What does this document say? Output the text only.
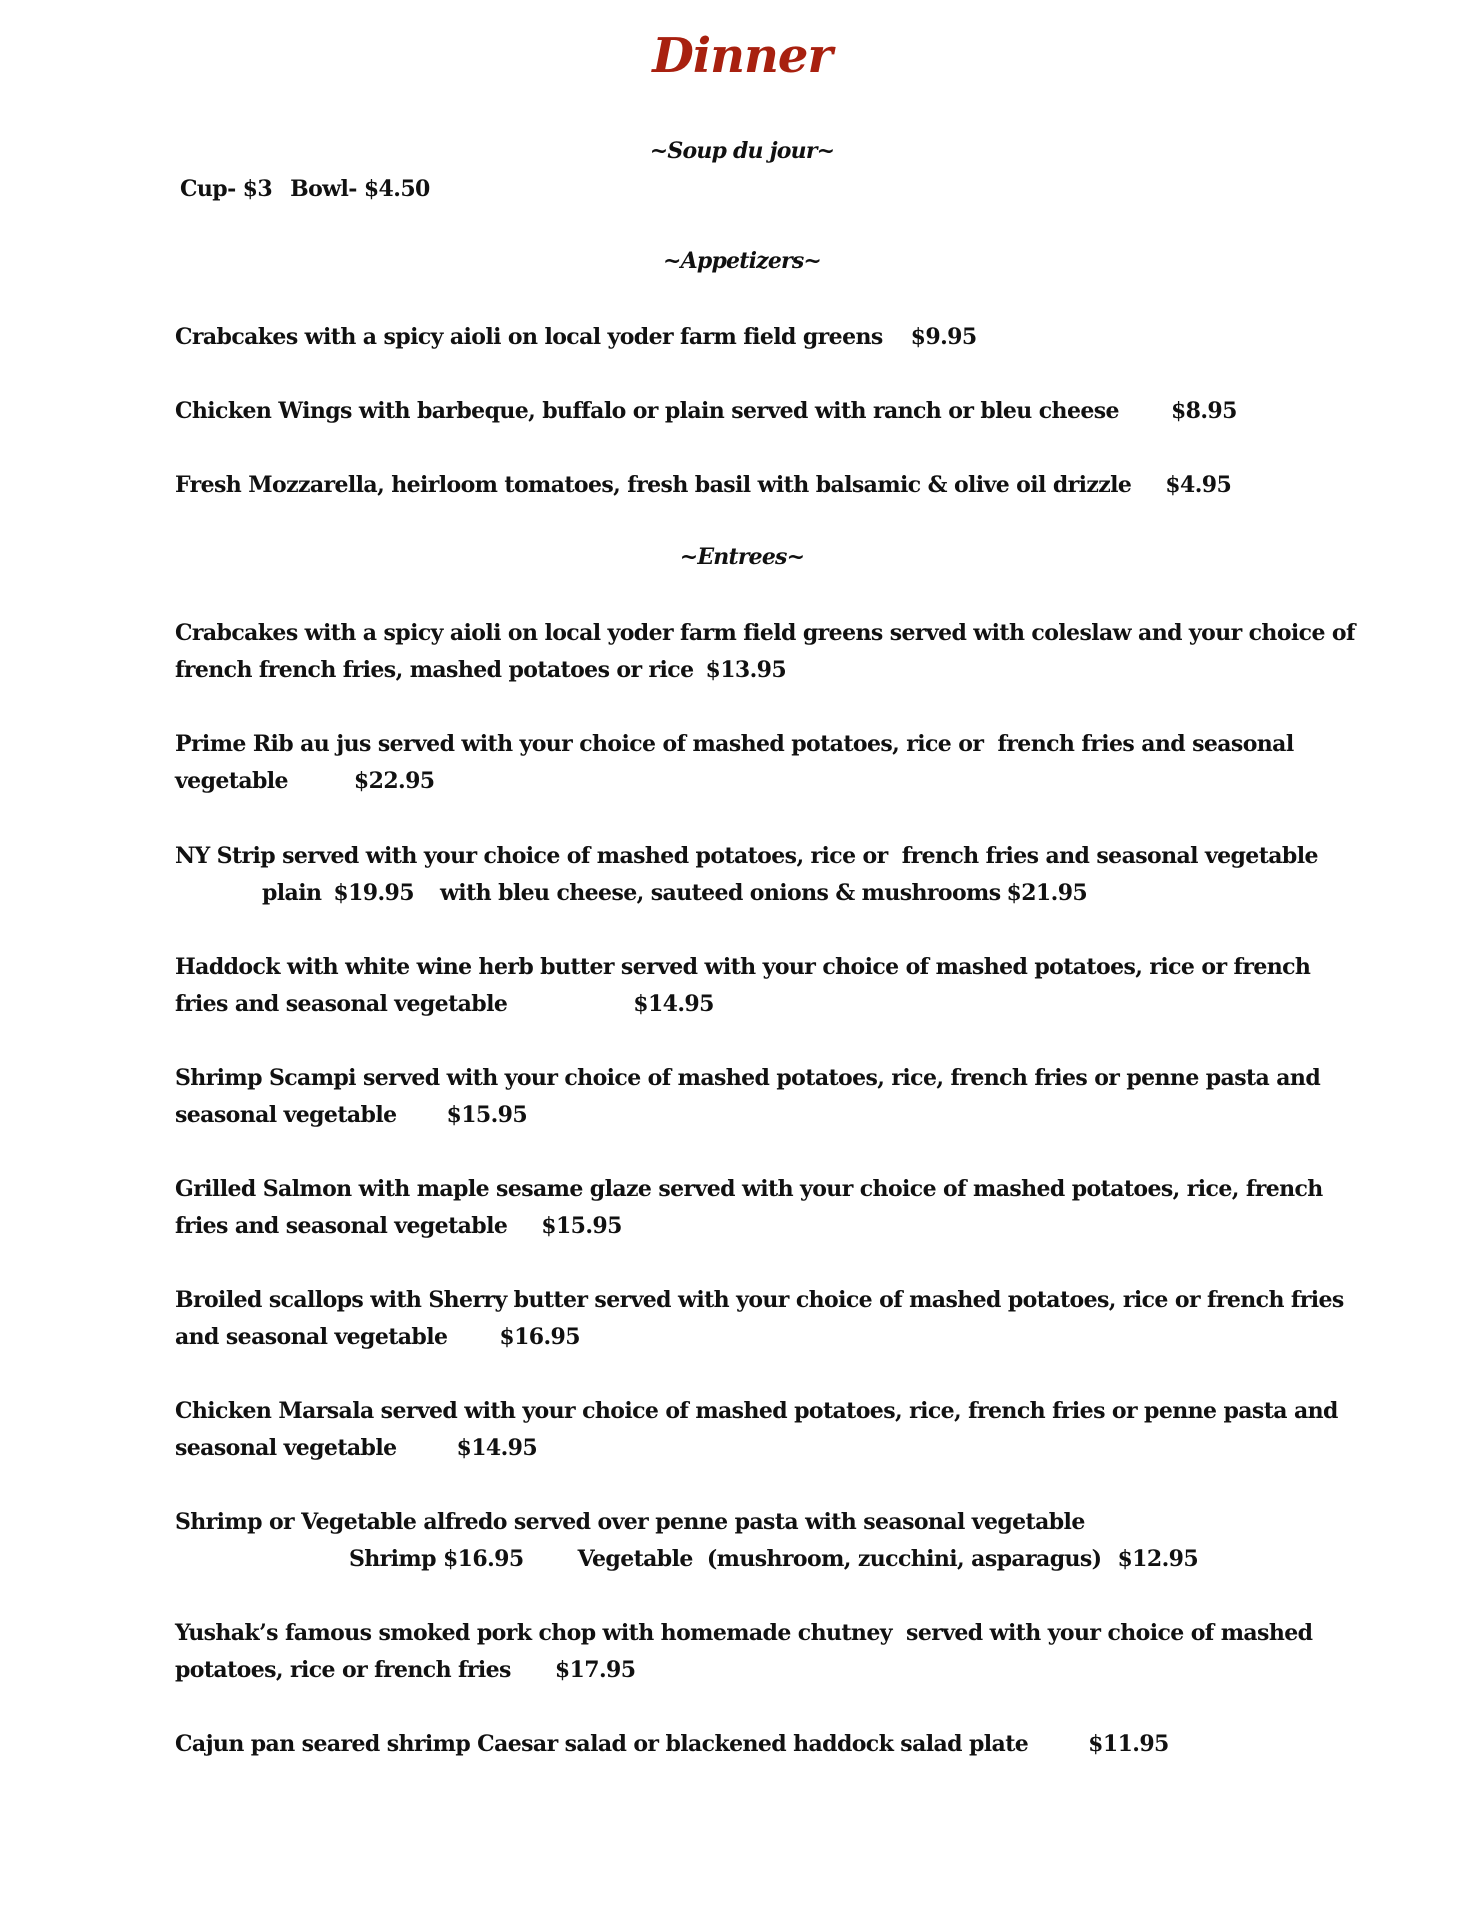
Dinner
~Soup du jour~
Cup- $3 Bowl- $4.50
~Appetizers~
Crabcakes with a spicy aioli on local yoder farm field greens $9.95
Chicken Wings with barbeque, buffalo or plain served with ranch or bleu cheese $8.95
Fresh Mozzarella, heirloom tomatoes, fresh basil with balsamic & olive oil drizzle $4.95
~Entrees~
Crabcakes with a spicy aioli on local yoder farm field greens served with coleslaw and your choice of
french french fries, mashed potatoes or rice $13.95
Prime Rib au jus served with your choice of mashed potatoes, rice or  french fries and seasonal
vegetable	$22.95
NY Strip served with your choice of mashed potatoes, rice or  french fries and seasonal vegetable
plain $19.95 with bleu cheese, sauteed onions & mushrooms $21.95
Haddock with white wine herb butter served with your choice of mashed potatoes, rice or french
fries and seasonal vegetable	$14.95
Shrimp Scampi served with your choice of mashed potatoes, rice, french fries or penne pasta and
seasonal vegetable $15.95
Grilled Salmon with maple sesame glaze served with your choice of mashed potatoes, rice, french
fries and seasonal vegetable $15.95
Broiled scallops with Sherry butter served with your choice of mashed potatoes, rice or french fries
and seasonal vegetable $16.95
Chicken Marsala served with your choice of mashed potatoes, rice, french fries or penne pasta and
seasonal vegetable	$14.95
Shrimp or Vegetable alfredo served over penne pasta with seasonal vegetable
Shrimp $16.95 Vegetable  (mushroom, zucchini, asparagus) $12.95
Yushak’s famous smoked pork chop with homemade chutney  served with your choice of mashed
potatoes, rice or french fries $17.95
Cajun pan seared shrimp Caesar salad or blackened haddock salad plate	$11.95
